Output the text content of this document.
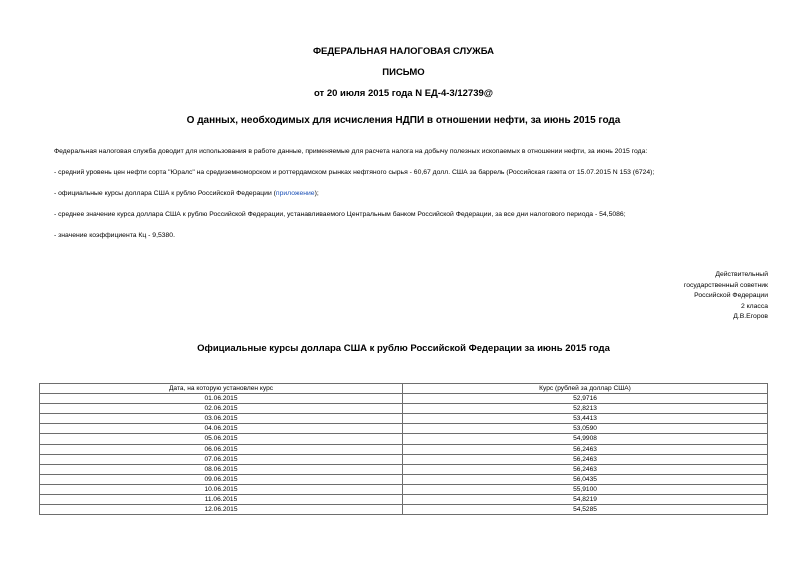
ФЕДЕРАЛЬНАЯ НАЛОГОВАЯ СЛУЖБА
ПИСЬМО
от 20 июля 2015 года N ЕД-4-3/12739@
О данных, необходимых для исчисления НДПИ в отношении нефти, за июнь 2015 года
Федеральная налоговая служба доводит для использования в работе данные, применяемые для расчета налога на добычу полезных ископаемых в отношении нефти, за июнь 2015 года:
- средний уровень цен нефти сорта "Юралс" на средиземноморском и роттердамском рынках нефтяного сырья - 60,67 долл. США за баррель (Российская газета от 15.07.2015 N 153 (6724);
- официальные курсы доллара США к рублю Российской Федерации (приложение);
- среднее значение курса доллара США к рублю Российской Федерации, устанавливаемого Центральным банком Российской Федерации, за все дни налогового периода - 54,5086;
- значение коэффициента Кц - 9,5380.
Действительный
государственный советник
Российской Федерации
2 класса
Д.В.Егоров
Официальные курсы доллара США к рублю Российской Федерации за июнь 2015 года
Дата, на которую установлен курс	Курс (рублей за доллар США)
01.06.2015	52,9716
02.06.2015	52,8213
03.06.2015	53,4413
04.06.2015	53,0590
05.06.2015	54,9908
06.06.2015	56,2463
07.06.2015	56,2463
08.06.2015	56,2463
09.06.2015	56,0435
10.06.2015	55,9100
11.06.2015	54,8219
12.06.2015	54,5285
